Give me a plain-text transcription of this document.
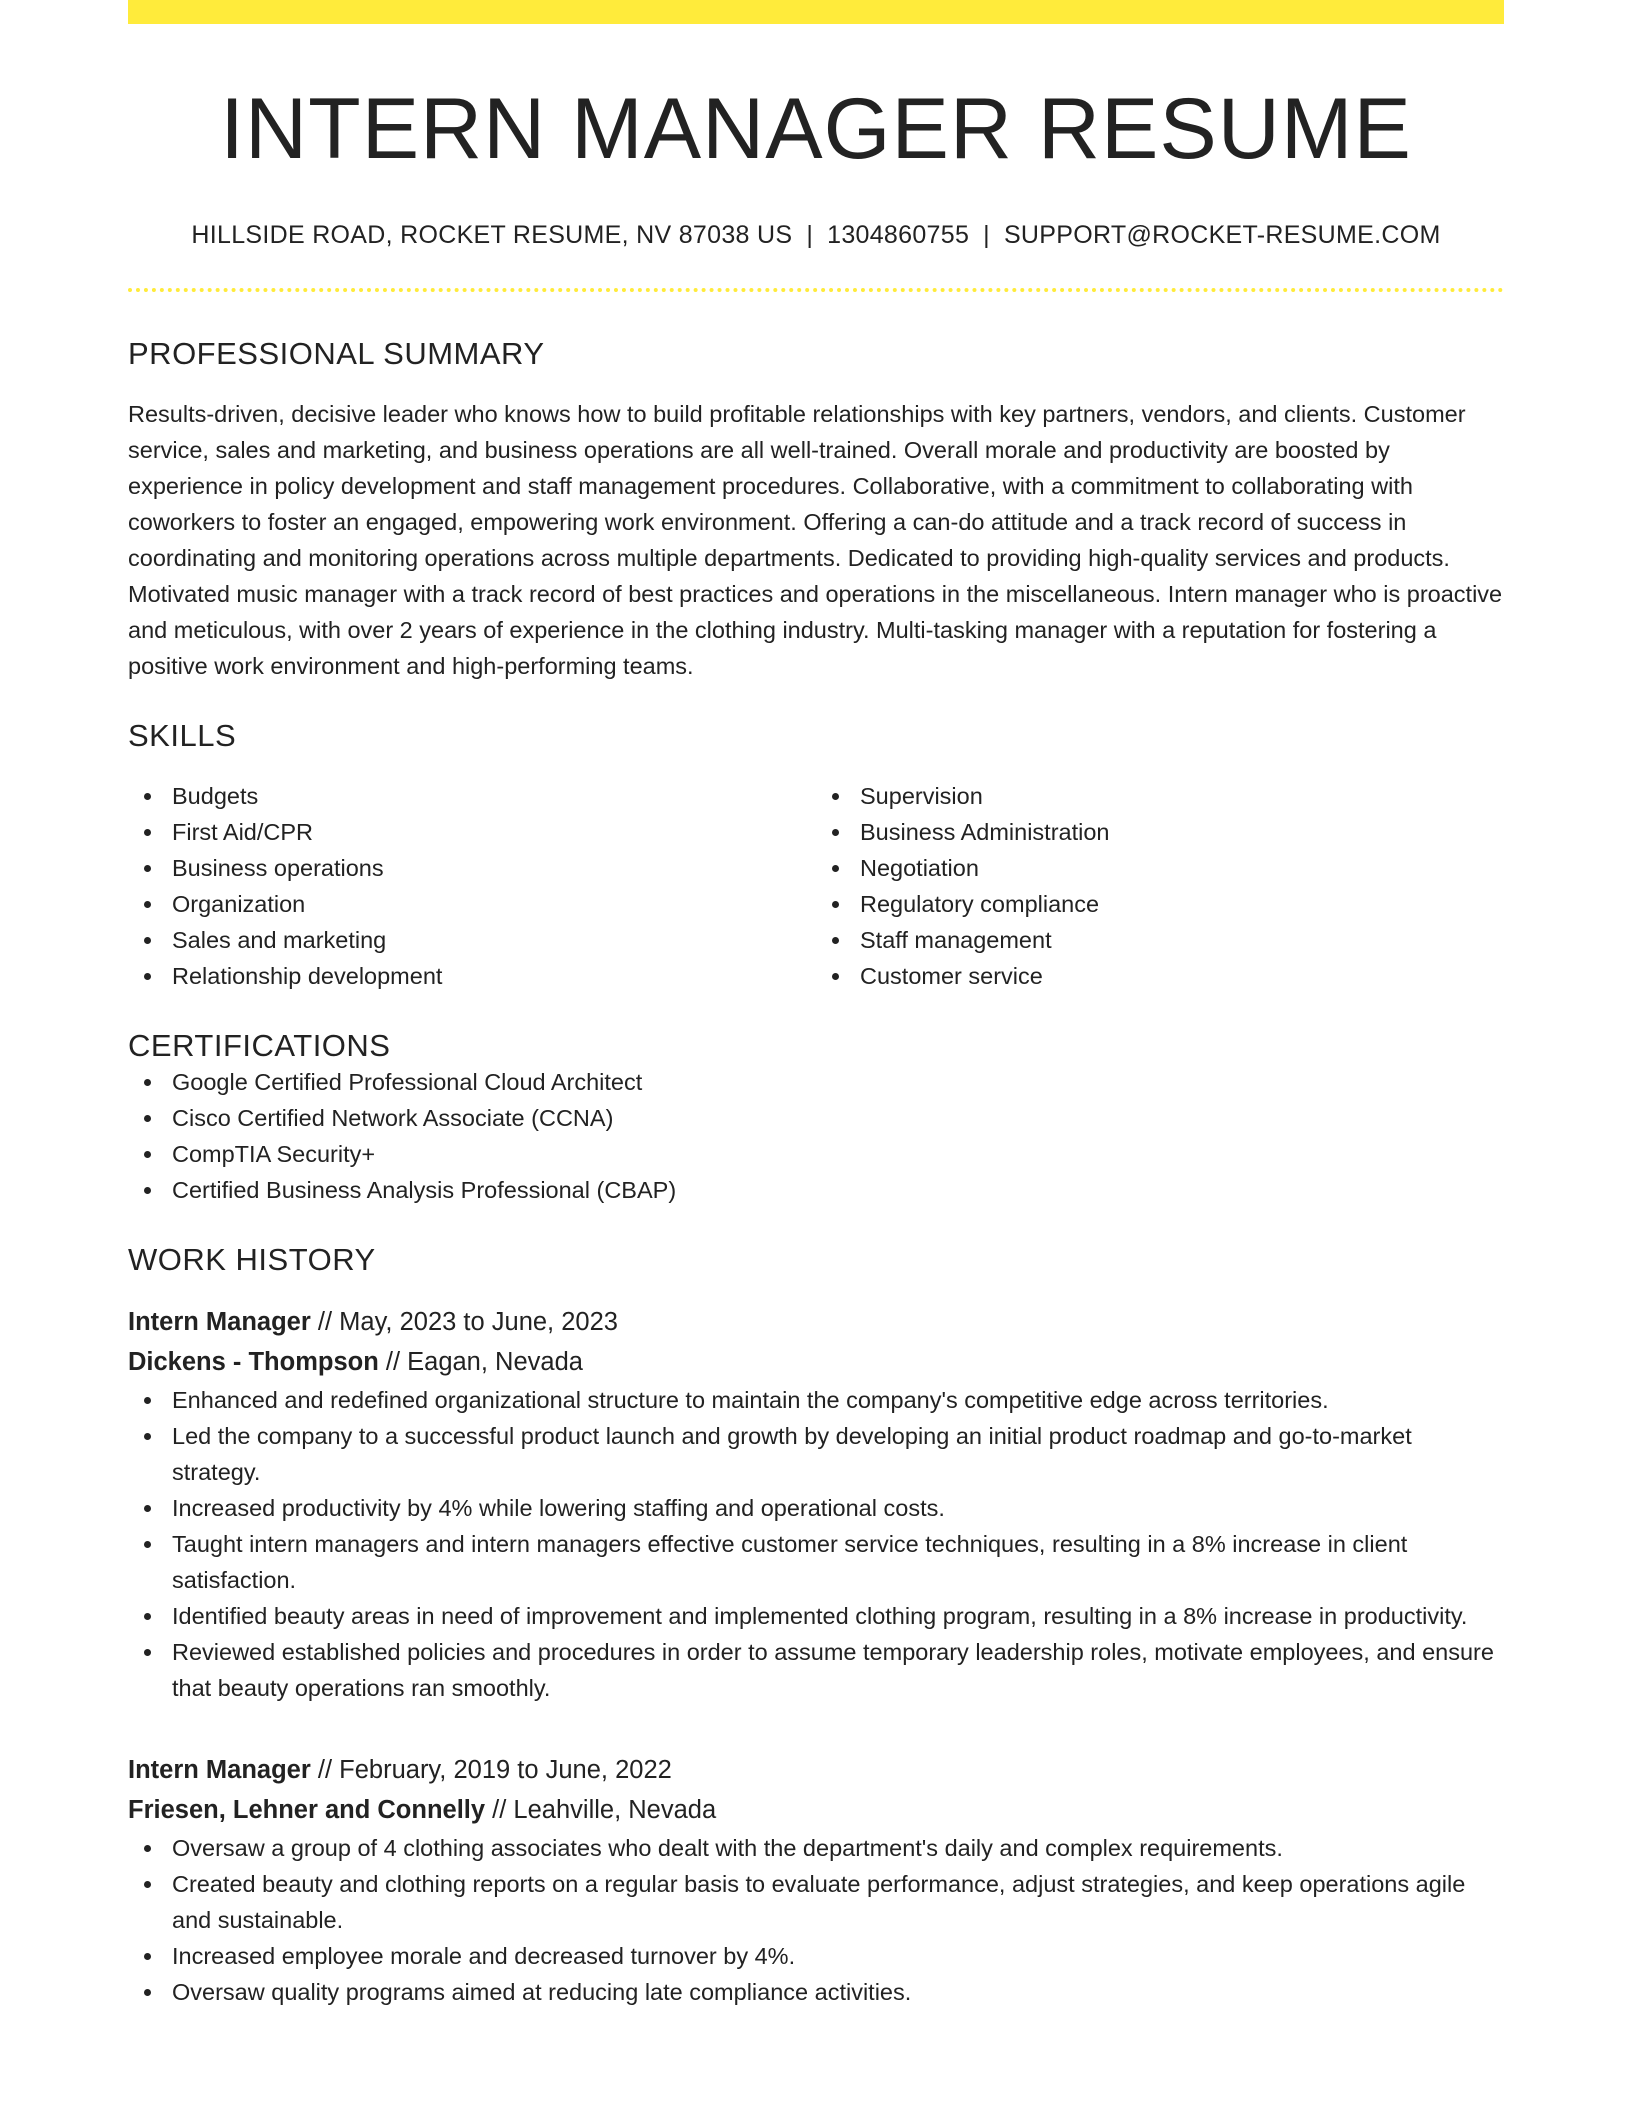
INTERN MANAGER RESUME
HILLSIDE ROAD, ROCKET RESUME, NV 87038 US | 1304860755 | SUPPORT@ROCKET-RESUME.COM
PROFESSIONAL SUMMARY

Results-driven, decisive leader who knows how to build profitable relationships with key partners, vendors, and clients. Customer service, sales and marketing, and business operations are all well-trained. Overall morale and productivity are boosted by experience in policy development and staff management procedures. Collaborative, with a commitment to collaborating with coworkers to foster an engaged, empowering work environment. Offering a can-do attitude and a track record of success in coordinating and monitoring operations across multiple departments. Dedicated to providing high-quality services and products. Motivated music manager with a track record of best practices and operations in the miscellaneous. Intern manager who is proactive and meticulous, with over 2 years of experience in the clothing industry. Multi-tasking manager with a reputation for fostering a positive work environment and high-performing teams.

SKILLS
Budgets
First Aid/CPR
Business operations
Organization
Sales and marketing
Relationship development
Supervision
Business Administration
Negotiation
Regulatory compliance
Staff management
Customer service
CERTIFICATIONS
Google Certified Professional Cloud Architect
Cisco Certified Network Associate (CCNA)
CompTIA Security+
Certified Business Analysis Professional (CBAP)
WORK HISTORY
Intern Manager // May, 2023 to June, 2023
Dickens - Thompson // Eagan, Nevada
Enhanced and redefined organizational structure to maintain the company's competitive edge across territories.
Led the company to a successful product launch and growth by developing an initial product roadmap and go-to-market strategy.
Increased productivity by 4% while lowering staffing and operational costs.
Taught intern managers and intern managers effective customer service techniques, resulting in a 8% increase in client satisfaction.
Identified beauty areas in need of improvement and implemented clothing program, resulting in a 8% increase in productivity.
Reviewed established policies and procedures in order to assume temporary leadership roles, motivate employees, and ensure that beauty operations ran smoothly.
Intern Manager // February, 2019 to June, 2022
Friesen, Lehner and Connelly // Leahville, Nevada
Oversaw a group of 4 clothing associates who dealt with the department's daily and complex requirements.
Created beauty and clothing reports on a regular basis to evaluate performance, adjust strategies, and keep operations agile and sustainable.
Increased employee morale and decreased turnover by 4%.
Oversaw quality programs aimed at reducing late compliance activities.
